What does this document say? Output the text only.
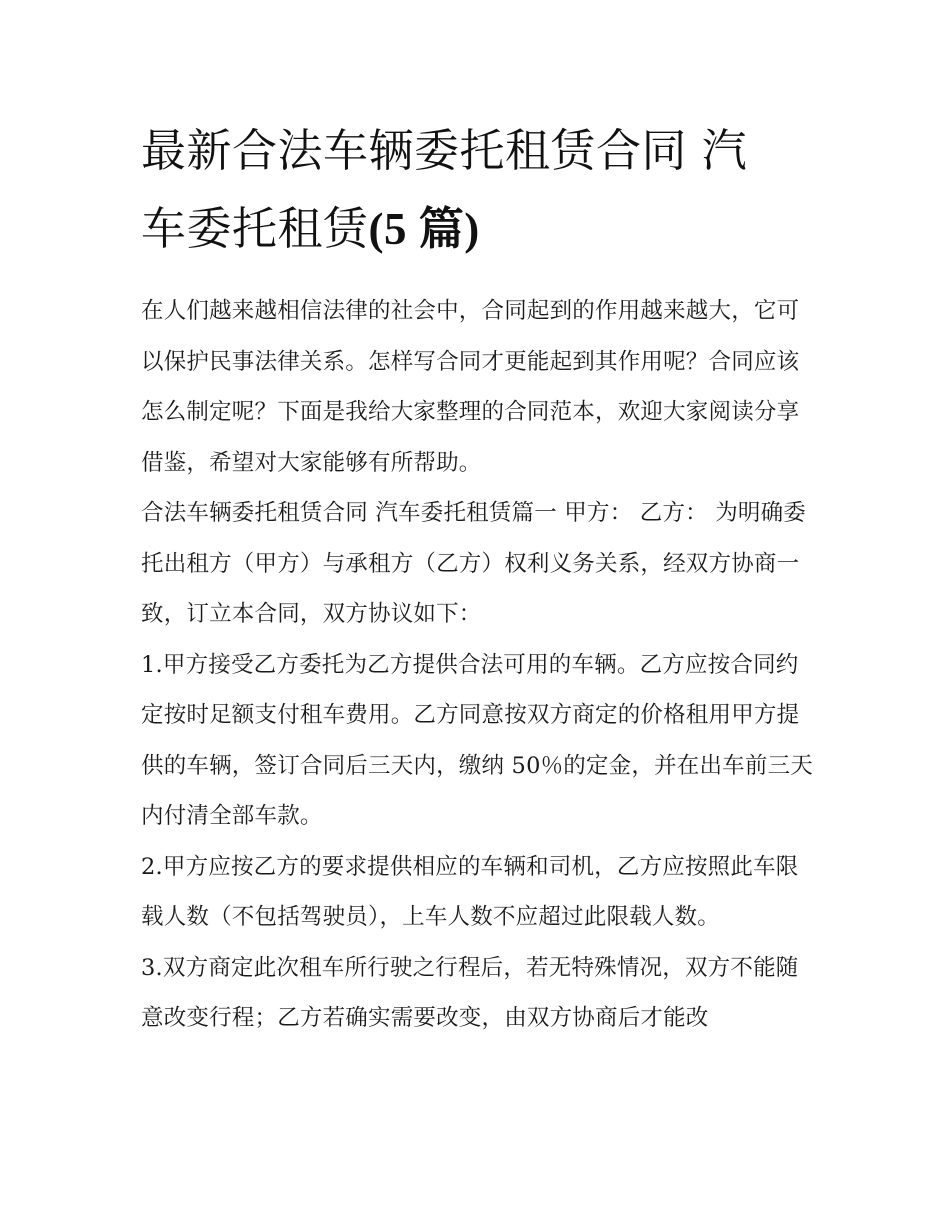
最新合法车辆委托租赁合同 汽
车委托租赁(5 篇)

在人们越来越相信法律的社会中，合同起到的作用越来越大，它可以保护民事法律关系。怎样写合同才更能起到其作用呢？合同应该怎么制定呢？下面是我给大家整理的合同范本，欢迎大家阅读分享借鉴，希望对大家能够有所帮助。

合法车辆委托租赁合同 汽车委托租赁篇一 甲方： 乙方： 为明确委托出租方（甲方）与承租方（乙方）权利义务关系，经双方协商一致，订立本合同，双方协议如下：

1.甲方接受乙方委托为乙方提供合法可用的车辆。乙方应按合同约定按时足额支付租车费用。乙方同意按双方商定的价格租用甲方提供的车辆，签订合同后三天内，缴纳 50％的定金，并在出车前三天内付清全部车款。

2.甲方应按乙方的要求提供相应的车辆和司机，乙方应按照此车限载人数（不包括驾驶员），上车人数不应超过此限载人数。

3.双方商定此次租车所行驶之行程后，若无特殊情况，双方不能随意改变行程；乙方若确实需要改变，由双方协商后才能改
